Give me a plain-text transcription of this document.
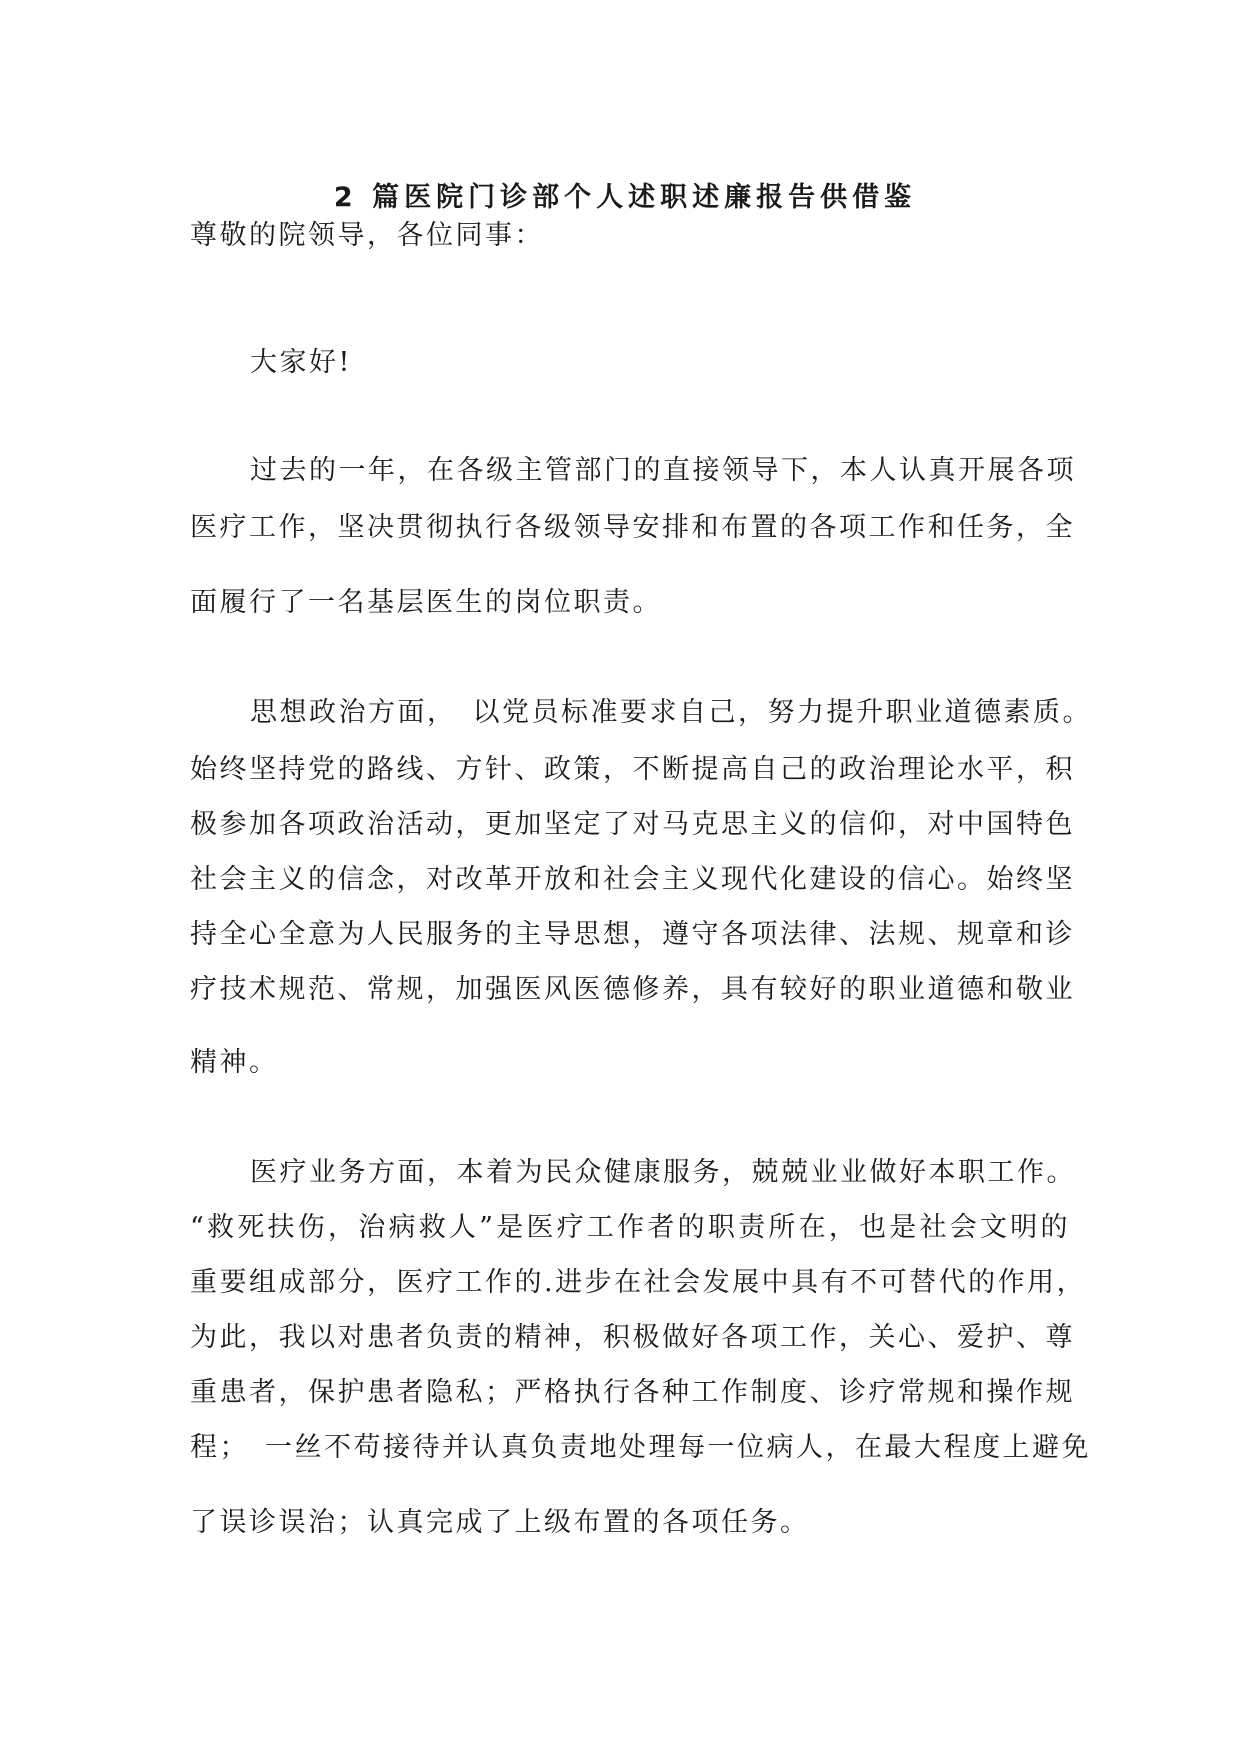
2 篇医院门诊部个人述职述廉报告供借鉴

尊敬的院领导，各位同事：

大家好!

过去的一年，在各级主管部门的直接领导下，本人认真开展各项

医疗工作，坚决贯彻执行各级领导安排和布置的各项工作和任务，全

面履行了一名基层医生的岗位职责。

思想政治方面，　以党员标准要求自己，努力提升职业道德素质。

始终坚持党的路线、方针、政策，不断提高自己的政治理论水平，积

极参加各项政治活动，更加坚定了对马克思主义的信仰，对中国特色

社会主义的信念，对改革开放和社会主义现代化建设的信心。始终坚

持全心全意为人民服务的主导思想，遵守各项法律、法规、规章和诊

疗技术规范、常规，加强医风医德修养，具有较好的职业道德和敬业

精神。

医疗业务方面，本着为民众健康服务，兢兢业业做好本职工作。

“救死扶伤，治病救人”是医疗工作者的职责所在，也是社会文明的

重要组成部分，医疗工作的.进步在社会发展中具有不可替代的作用，

为此，我以对患者负责的精神，积极做好各项工作，关心、爱护、尊

重患者，保护患者隐私；严格执行各种工作制度、诊疗常规和操作规

程；　一丝不苟接待并认真负责地处理每一位病人，在最大程度上避免

了误诊误治；认真完成了上级布置的各项任务。
